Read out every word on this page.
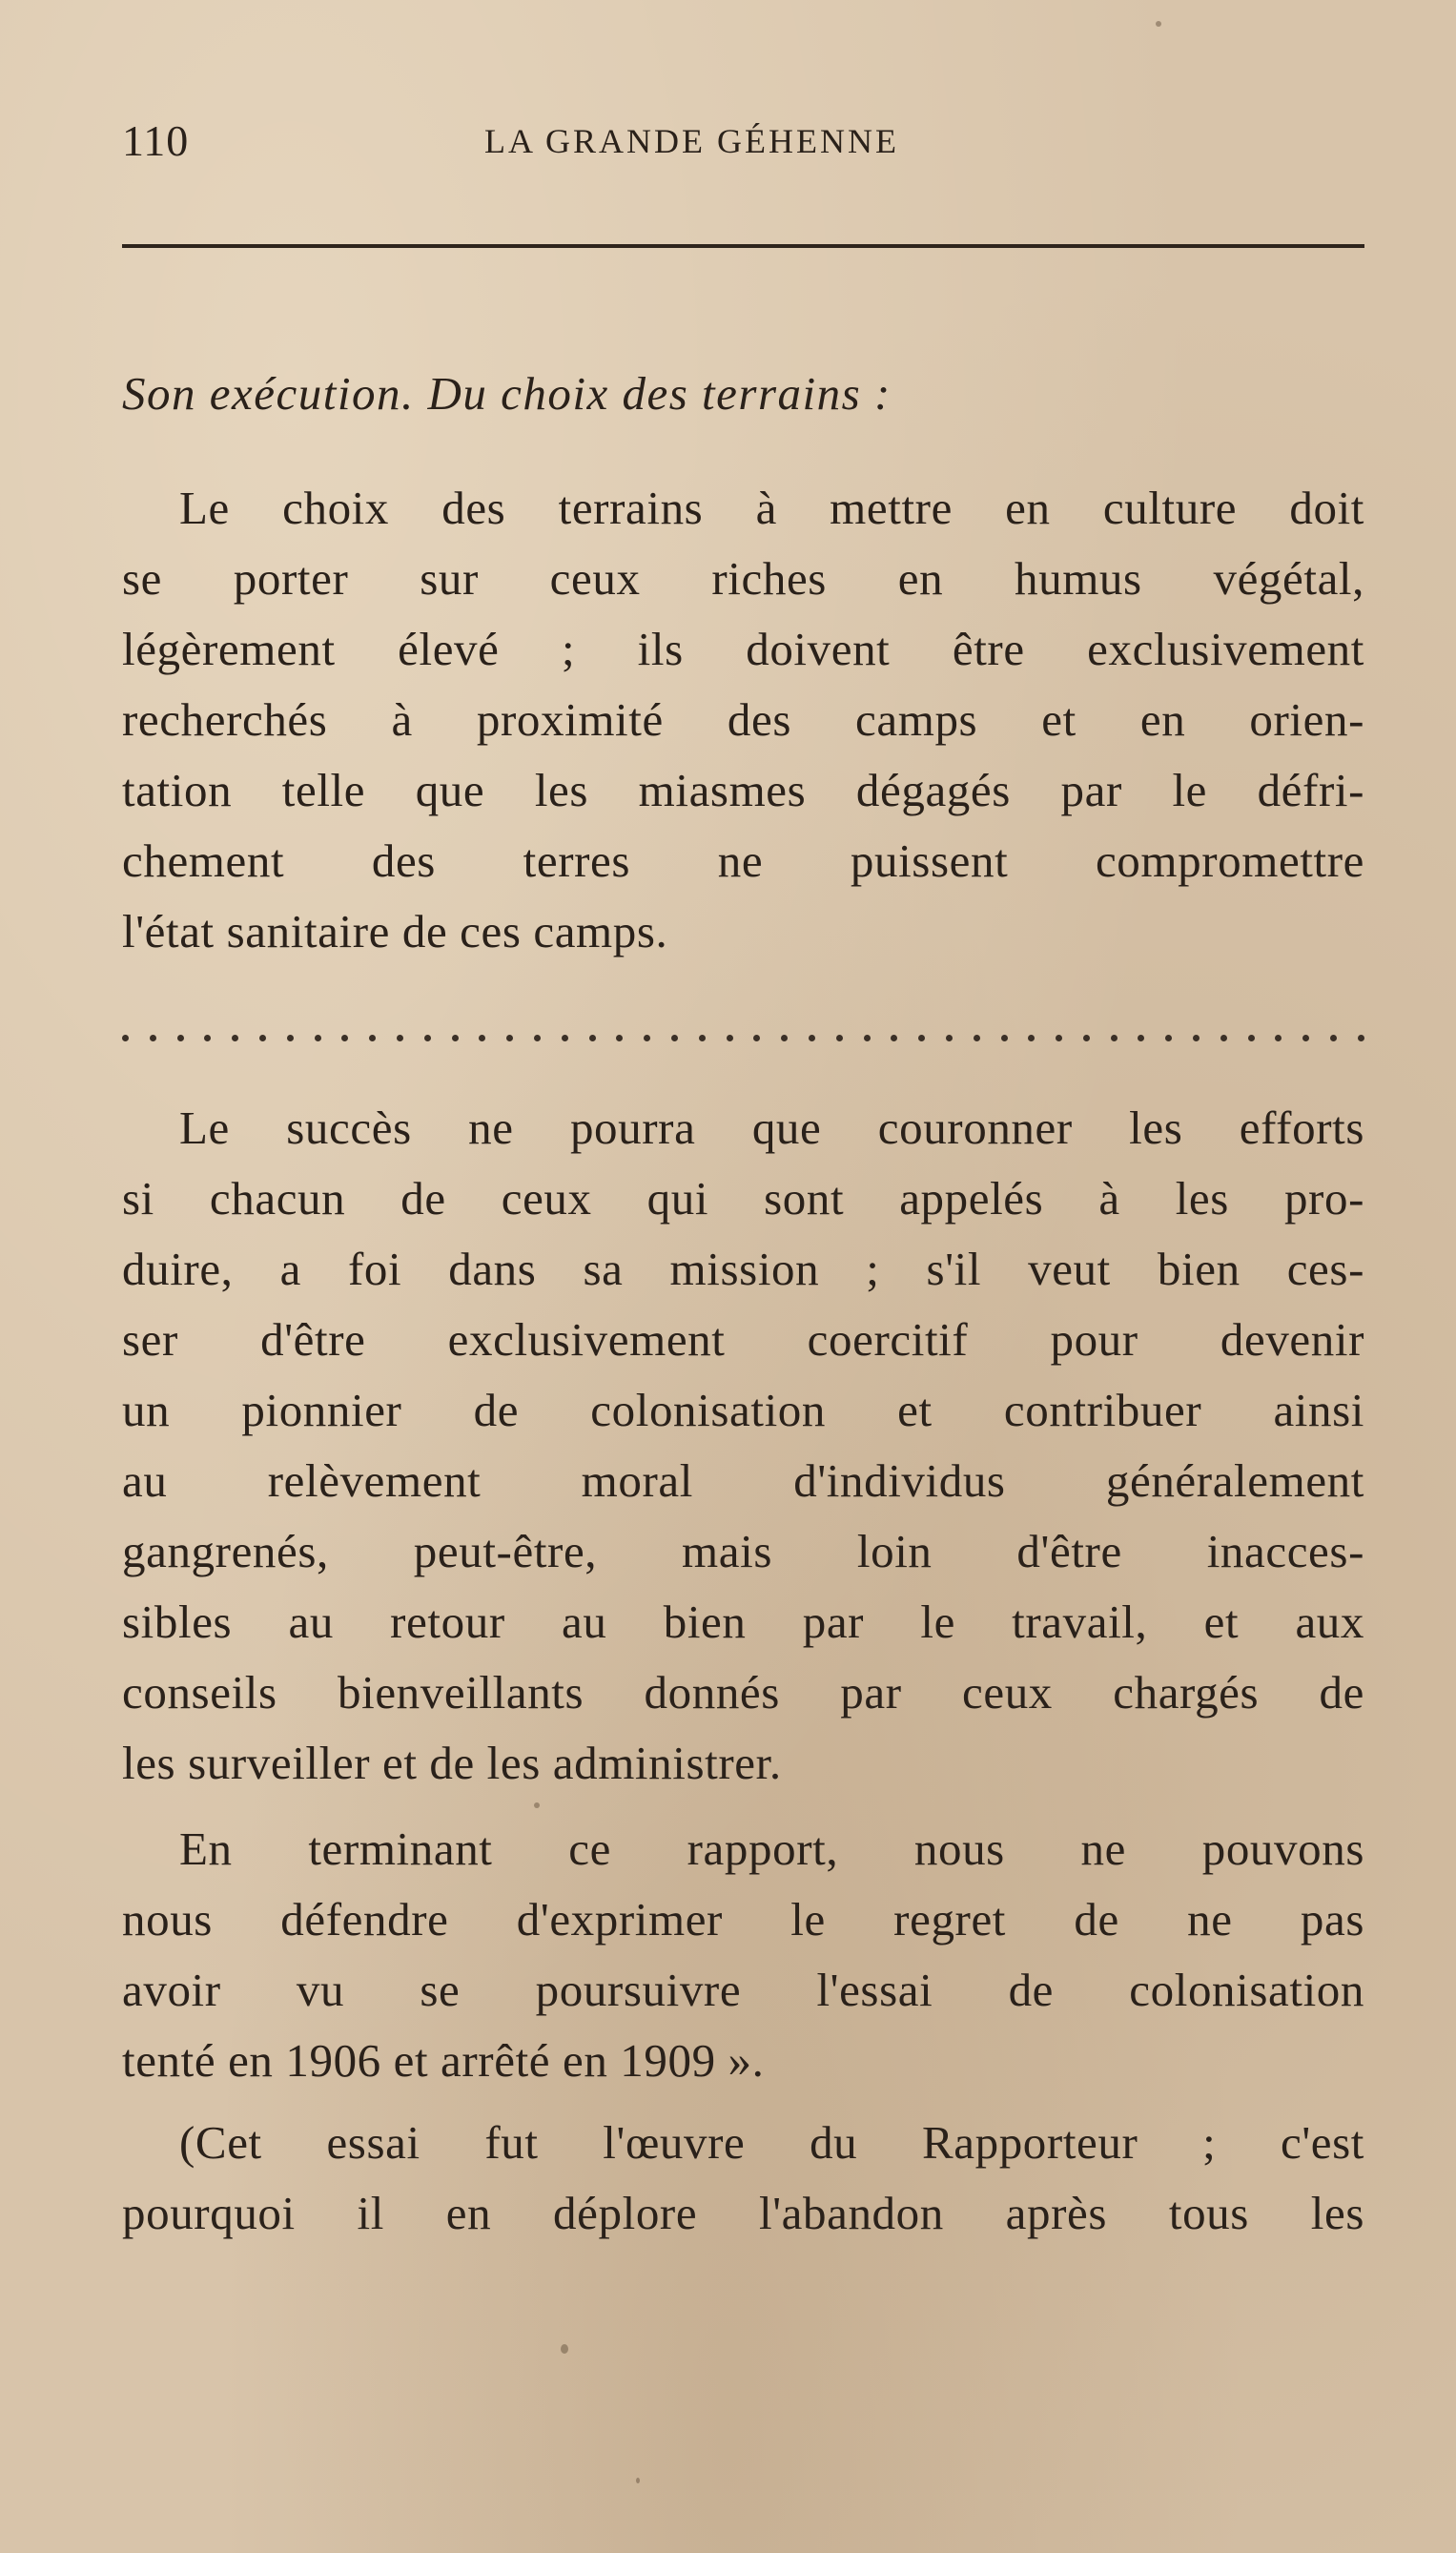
110	LA GRANDE GÉHENNE
Son exécution. Du choix des terrains :
Le choix des terrains à mettre en culture doit
se porter sur ceux riches en humus végétal,
légèrement élevé ; ils doivent être exclusivement
recherchés à proximité des camps et en orien-
tation telle que les miasmes dégagés par le défri-
chement des terres ne puissent compromettre
l'état sanitaire de ces camps.
Le succès ne pourra que couronner les efforts
si chacun de ceux qui sont appelés à les pro-
duire, a foi dans sa mission ; s'il veut bien ces-
ser d'être exclusivement coercitif pour devenir
un pionnier de colonisation et contribuer ainsi
au relèvement moral d'individus généralement
gangrenés, peut-être, mais loin d'être inacces-
sibles au retour au bien par le travail, et aux
conseils bienveillants donnés par ceux chargés de
les surveiller et de les administrer.
En terminant ce rapport, nous ne pouvons
nous défendre d'exprimer le regret de ne pas
avoir vu se poursuivre l'essai de colonisation
tenté en 1906 et arrêté en 1909 ».
(Cet essai fut l'œuvre du Rapporteur ; c'est
pourquoi il en déplore l'abandon après tous les
